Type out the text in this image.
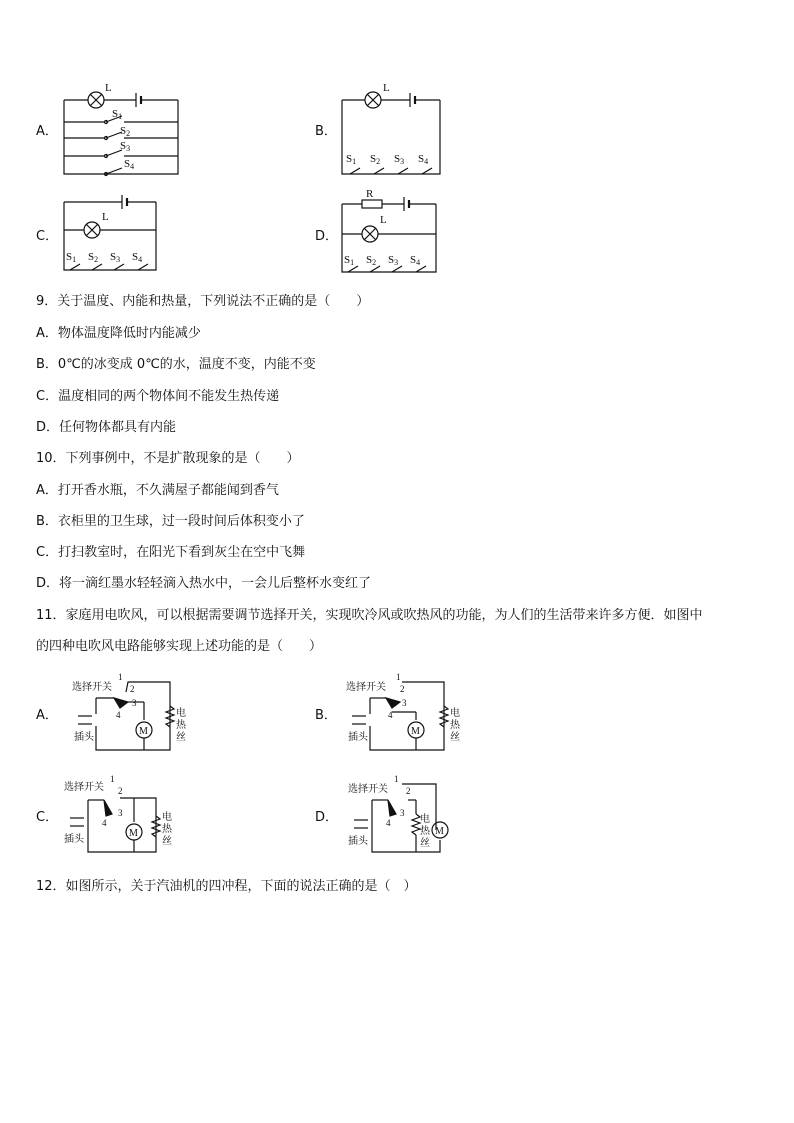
A．
L
S1
S2
S3
S4
B．
L
S1 S2 S3 S4
C．
L
S1 S2 S3 S4
D．
R
L
S1 S2 S3 S4
9．关于温度、内能和热量，下列说法不正确的是（　　）
A．物体温度降低时内能减少
B．0℃的冰变成 0℃的水，温度不变，内能不变
C．温度相同的两个物体间不能发生热传递
D．任何物体都具有内能
10．下列事例中，不是扩散现象的是（　　）
A．打开香水瓶，不久满屋子都能闻到香气
B．衣柜里的卫生球，过一段时间后体积变小了
C．打扫教室时，在阳光下看到灰尘在空中飞舞
D．将一滴红墨水轻轻滴入热水中，一会儿后整杯水变红了
11．家庭用电吹风，可以根据需要调节选择开关，实现吹冷风或吹热风的功能，为人们的生活带来许多方便．如图中
的四种电吹风电路能够实现上述功能的是（　　）
A．
选择开关
1
2
3
4
M
电
热
丝
插头
B．
选择开关
1
2
3
4
M
电
热
丝
插头
C．
选择开关
1
2
3
4
M
电
热
丝
插头
D．
选择开关
1
2
3
4	电
热
丝
M
插头
12．如图所示，关于汽油机的四冲程，下面的说法正确的是（　）
